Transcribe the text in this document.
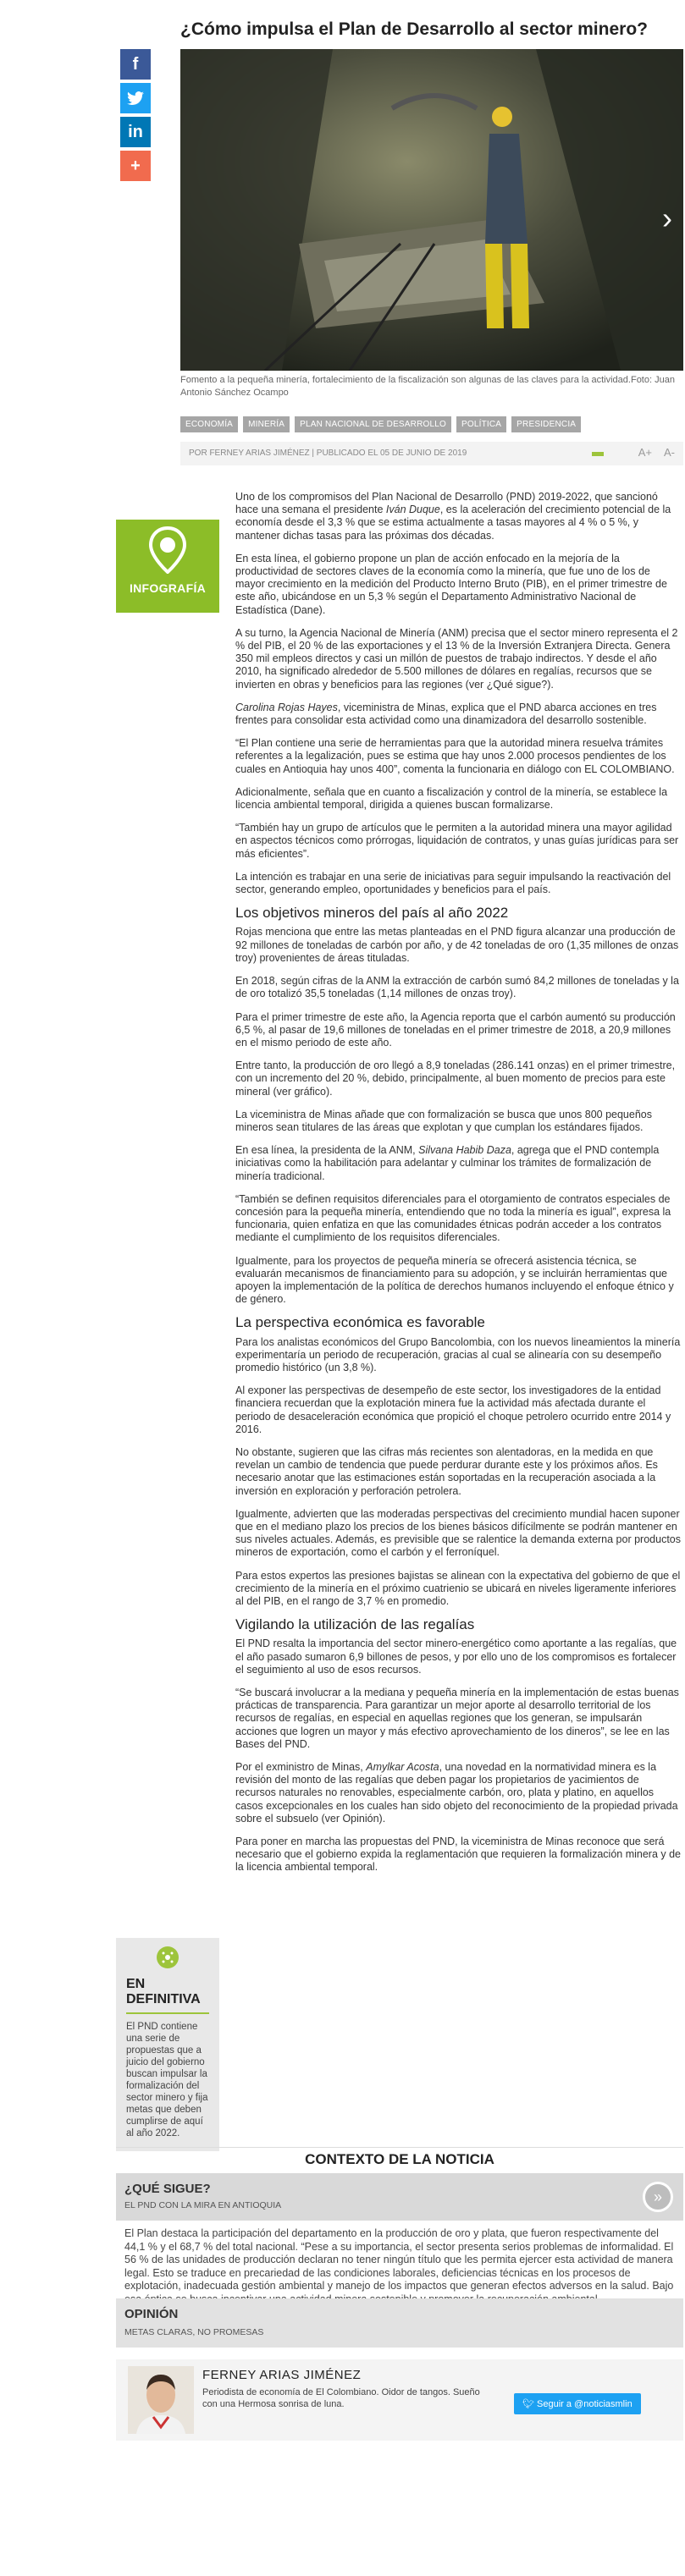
¿Cómo impulsa el Plan de Desarrollo al sector minero?
f
in
+
›

Fomento a la pequeña minería, fortalecimiento de la fiscalización son algunas de las claves para la actividad.Foto: Juan Antonio Sánchez Ocampo

ECONOMÍA	MINERÍA	PLAN NACIONAL DE DESARROLLO	POLÍTICA	PRESIDENCIA
POR FERNEY ARIAS JIMÉNEZ | PUBLICADO EL 05 DE JUNIO DE 2019	A+ A-
INFOGRAFÍA

Uno de los compromisos del Plan Nacional de Desarrollo (PND) 2019-2022, que sancionó hace una semana el presidente Iván Duque, es la aceleración del crecimiento potencial de la economía desde el 3,3 % que se estima actualmente a tasas mayores al 4 % o 5 %, y mantener dichas tasas para las próximas dos décadas.

En esta línea, el gobierno propone un plan de acción enfocado en la mejoría de la productividad de sectores claves de la economía como la minería, que fue uno de los de mayor crecimiento en la medición del Producto Interno Bruto (PIB), en el primer trimestre de este año, ubicándose en un 5,3 % según el Departamento Administrativo Nacional de Estadística (Dane).

A su turno, la Agencia Nacional de Minería (ANM) precisa que el sector minero representa el 2 % del PIB, el 20 % de las exportaciones y el 13 % de la Inversión Extranjera Directa. Genera 350 mil empleos directos y casi un millón de puestos de trabajo indirectos. Y desde el año 2010, ha significado alrededor de 5.500 millones de dólares en regalías, recursos que se invierten en obras y beneficios para las regiones (ver ¿Qué sigue?).

Carolina Rojas Hayes, viceministra de Minas, explica que el PND abarca acciones en tres frentes para consolidar esta actividad como una dinamizadora del desarrollo sostenible.

“El Plan contiene una serie de herramientas para que la autoridad minera resuelva trámites referentes a la legalización, pues se estima que hay unos 2.000 procesos pendientes de los cuales en Antioquia hay unos 400”, comenta la funcionaria en diálogo con EL COLOMBIANO.

Adicionalmente, señala que en cuanto a fiscalización y control de la minería, se establece la licencia ambiental temporal, dirigida a quienes buscan formalizarse.

“También hay un grupo de artículos que le permiten a la autoridad minera una mayor agilidad en aspectos técnicos como prórrogas, liquidación de contratos, y unas guías jurídicas para ser más eficientes”.

La intención es trabajar en una serie de iniciativas para seguir impulsando la reactivación del sector, generando empleo, oportunidades y beneficios para el país.

Los objetivos mineros del país al año 2022

Rojas menciona que entre las metas planteadas en el PND figura alcanzar una producción de 92 millones de toneladas de carbón por año, y de 42 toneladas de oro (1,35 millones de onzas troy) provenientes de áreas tituladas.

En 2018, según cifras de la ANM la extracción de carbón sumó 84,2 millones de toneladas y la de oro totalizó 35,5 toneladas (1,14 millones de onzas troy).

Para el primer trimestre de este año, la Agencia reporta que el carbón aumentó su producción 6,5 %, al pasar de 19,6 millones de toneladas en el primer trimestre de 2018, a 20,9 millones en el mismo periodo de este año.

Entre tanto, la producción de oro llegó a 8,9 toneladas (286.141 onzas) en el primer trimestre, con un incremento del 20 %, debido, principalmente, al buen momento de precios para este mineral (ver gráfico).

La viceministra de Minas añade que con formalización se busca que unos 800 pequeños mineros sean titulares de las áreas que explotan y que cumplan los estándares fijados.

En esa línea, la presidenta de la ANM, Silvana Habib Daza, agrega que el PND contempla iniciativas como la habilitación para adelantar y culminar los trámites de formalización de minería tradicional.

“También se definen requisitos diferenciales para el otorgamiento de contratos especiales de concesión para la pequeña minería, entendiendo que no toda la minería es igual”, expresa la funcionaria, quien enfatiza en que las comunidades étnicas podrán acceder a los contratos mediante el cumplimiento de los requisitos diferenciales.

Igualmente, para los proyectos de pequeña minería se ofrecerá asistencia técnica, se evaluarán mecanismos de financiamiento para su adopción, y se incluirán herramientas que apoyen la implementación de la política de derechos humanos incluyendo el enfoque étnico y de género.

La perspectiva económica es favorable

Para los analistas económicos del Grupo Bancolombia, con los nuevos lineamientos la minería experimentaría un periodo de recuperación, gracias al cual se alinearía con su desempeño promedio histórico (un 3,8 %).

Al exponer las perspectivas de desempeño de este sector, los investigadores de la entidad financiera recuerdan que la explotación minera fue la actividad más afectada durante el periodo de desaceleración económica que propició el choque petrolero ocurrido entre 2014 y 2016.

No obstante, sugieren que las cifras más recientes son alentadoras, en la medida en que revelan un cambio de tendencia que puede perdurar durante este y los próximos años. Es necesario anotar que las estimaciones están soportadas en la recuperación asociada a la inversión en exploración y perforación petrolera.

Igualmente, advierten que las moderadas perspectivas del crecimiento mundial hacen suponer que en el mediano plazo los precios de los bienes básicos difícilmente se podrán mantener en sus niveles actuales. Además, es previsible que se ralentice la demanda externa por productos mineros de exportación, como el carbón y el ferroníquel.

Para estos expertos las presiones bajistas se alinean con la expectativa del gobierno de que el crecimiento de la minería en el próximo cuatrienio se ubicará en niveles ligeramente inferiores al del PIB, en el rango de 3,7 % en promedio.

Vigilando la utilización de las regalías

El PND resalta la importancia del sector minero-energético como aportante a las regalías, que el año pasado sumaron 6,9 billones de pesos, y por ello uno de los compromisos es fortalecer el seguimiento al uso de esos recursos.

“Se buscará involucrar a la mediana y pequeña minería en la implementación de estas buenas prácticas de transparencia. Para garantizar un mejor aporte al desarrollo territorial de los recursos de regalías, en especial en aquellas regiones que los generan, se impulsarán acciones que logren un mayor y más efectivo aprovechamiento de los dineros”, se lee en las Bases del PND.

Por el exministro de Minas, Amylkar Acosta, una novedad en la normatividad minera es la revisión del monto de las regalías que deben pagar los propietarios de yacimientos de recursos naturales no renovables, especialmente carbón, oro, plata y platino, en aquellos casos excepcionales en los cuales han sido objeto del reconocimiento de la propiedad privada sobre el subsuelo (ver Opinión).

Para poner en marcha las propuestas del PND, la viceministra de Minas reconoce que será necesario que el gobierno expida la reglamentación que requieren la formalización minera y de la licencia ambiental temporal.

EN DEFINITIVA
El PND contiene una serie de propuestas que a juicio del gobierno buscan impulsar la formalización del sector minero y fija metas que deben cumplirse de aquí al año 2022.
CONTEXTO DE LA NOTICIA
¿QUÉ SIGUE?
EL PND CON LA MIRA EN ANTIOQUIA	»

El Plan destaca la participación del departamento en la producción de oro y plata, que fueron respectivamente del 44,1 % y el 68,7 % del total nacional. “Pese a su importancia, el sector presenta serios problemas de informalidad. El 56 % de las unidades de producción declaran no tener ningún título que les permita ejercer esta actividad de manera legal. Esto se traduce en precariedad de las condiciones laborales, deficiencias técnicas en los procesos de explotación, inadecuada gestión ambiental y manejo de los impactos que generan efectos adversos en la salud. Bajo

OPINIÓN
METAS CLARAS, NO PROMESAS
FERNEY ARIAS JIMÉNEZ
Periodista de economía de El Colombiano. Oidor de tangos. Sueño con una Hermosa sonrisa de luna.	🐦︎ Seguir a @noticiasmlin
